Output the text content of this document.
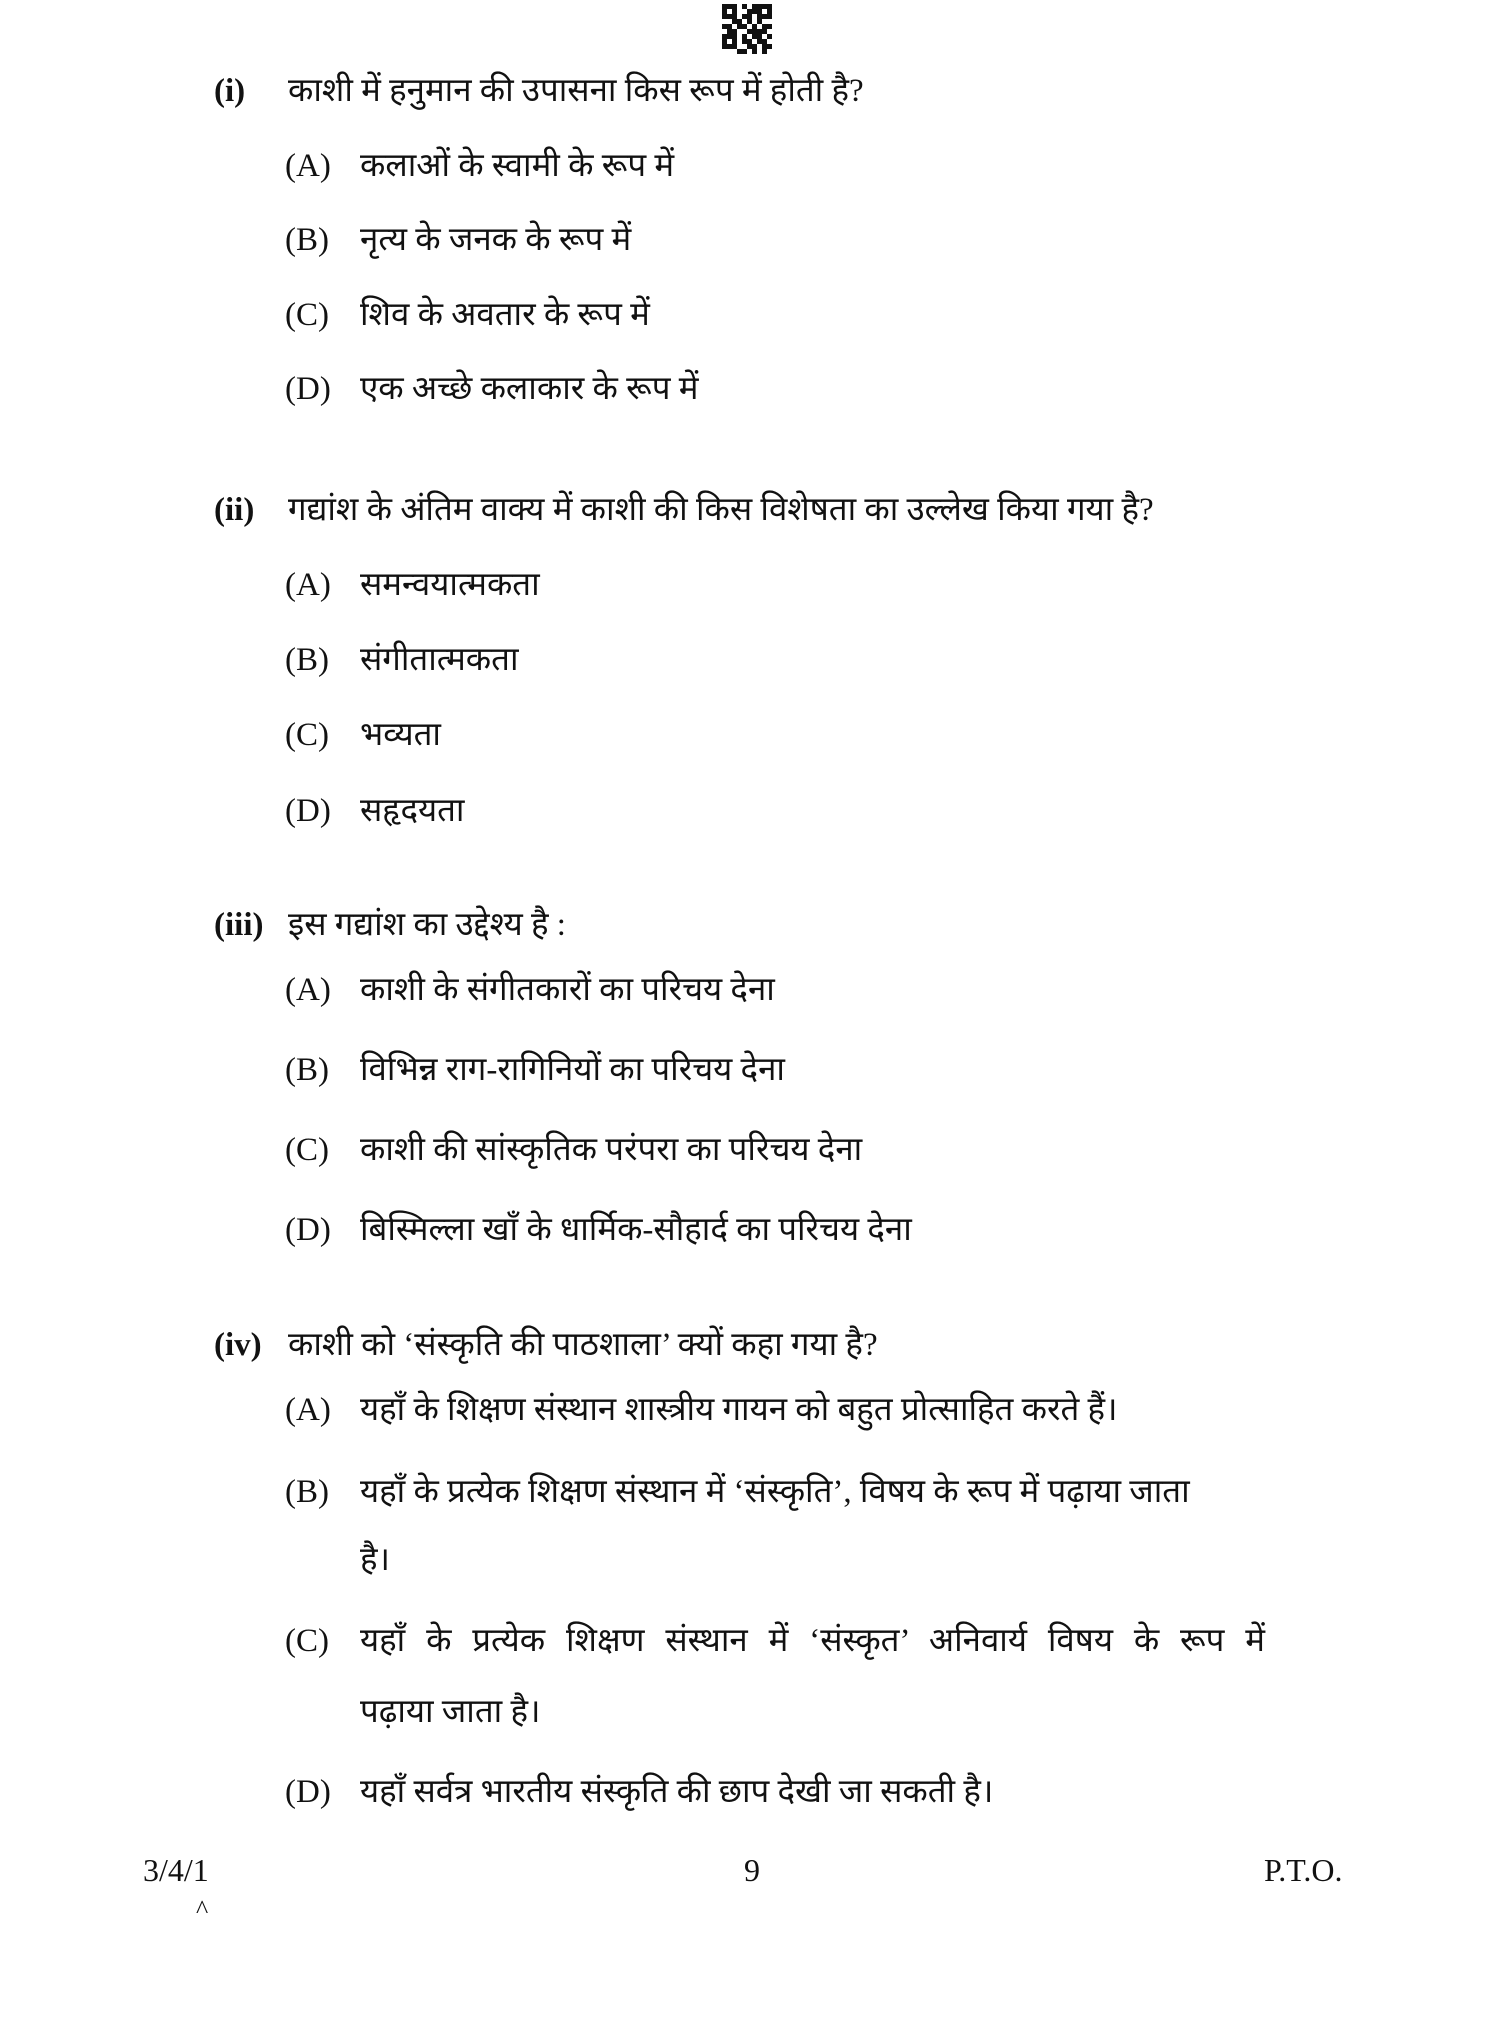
(i) काशी में हनुमान की उपासना किस रूप में होती है?
(A) कलाओं के स्वामी के रूप में
(B) नृत्य के जनक के रूप में
(C) शिव के अवतार के रूप में
(D) एक अच्छे कलाकार के रूप में
(ii) गद्यांश के अंतिम वाक्य में काशी की किस विशेषता का उल्लेख किया गया है?
(A) समन्वयात्मकता
(B) संगीतात्मकता
(C) भव्यता
(D) सहृदयता
(iii) इस गद्यांश का उद्देश्य है :
(A) काशी के संगीतकारों का परिचय देना
(B) विभिन्न राग-रागिनियों का परिचय देना
(C) काशी की सांस्कृतिक परंपरा का परिचय देना
(D) बिस्मिल्ला खाँ के धार्मिक-सौहार्द का परिचय देना
(iv) काशी को ‘संस्कृति की पाठशाला’ क्यों कहा गया है?
(A) यहाँ के शिक्षण संस्थान शास्त्रीय गायन को बहुत प्रोत्साहित करते हैं।
(B) यहाँ के प्रत्येक शिक्षण संस्थान में ‘संस्कृति’, विषय के रूप में पढ़ाया जाता
है।
(C) यहाँ के प्रत्येक शिक्षण संस्थान में ‘संस्कृत’ अनिवार्य विषय के रूप में
पढ़ाया जाता है।
(D) यहाँ सर्वत्र भारतीय संस्कृति की छाप देखी जा सकती है।
3/4/1	9	P.T.O.
^
